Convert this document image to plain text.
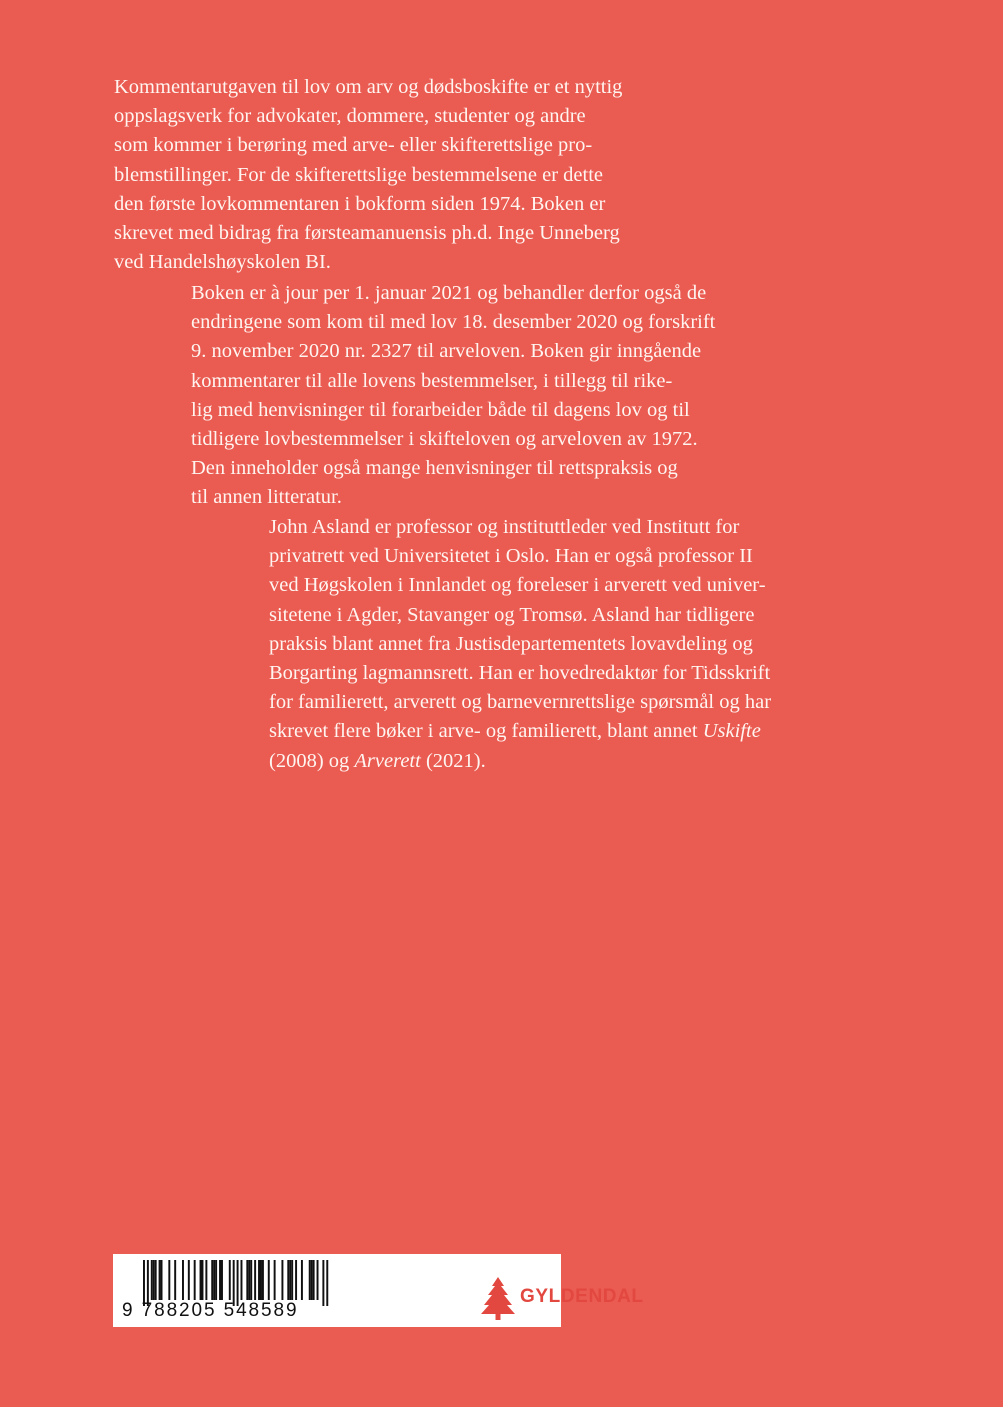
Kommentarutgaven til lov om arv og dødsboskifte er et nyttig
oppslagsverk for advokater, dommere, studenter og andre
som kommer i berøring med arve- eller skifterettslige pro-
blemstillinger. For de skifterettslige bestemmelsene er dette
den første lovkommentaren i bokform siden 1974. Boken er
skrevet med bidrag fra førsteamanuensis ph.d. Inge Unneberg
ved Handelshøyskolen BI.
Boken er à jour per 1. januar 2021 og behandler derfor også de
endringene som kom til med lov 18. desember 2020 og forskrift
9. november 2020 nr. 2327 til arveloven. Boken gir inngående
kommentarer til alle lovens bestemmelser, i tillegg til rike-
lig med henvisninger til forarbeider både til dagens lov og til
tidligere lovbestemmelser i skifteloven og arveloven av 1972.
Den inneholder også mange henvisninger til rettspraksis og
til annen litteratur.
John Asland er professor og instituttleder ved Institutt for
privatrett ved Universitetet i Oslo. Han er også professor II
ved Høgskolen i Innlandet og foreleser i arverett ved univer-
sitetene i Agder, Stavanger og Tromsø. Asland har tidligere
praksis blant annet fra Justisdepartementets lovavdeling og
Borgarting lagmannsrett. Han er hovedredaktør for Tidsskrift
for familierett, arverett og barnevernrettslige spørsmål og har
skrevet flere bøker i arve- og familierett, blant annet Uskifte
(2008) og Arverett (2021).
9 788205 548589
GYLDENDAL
